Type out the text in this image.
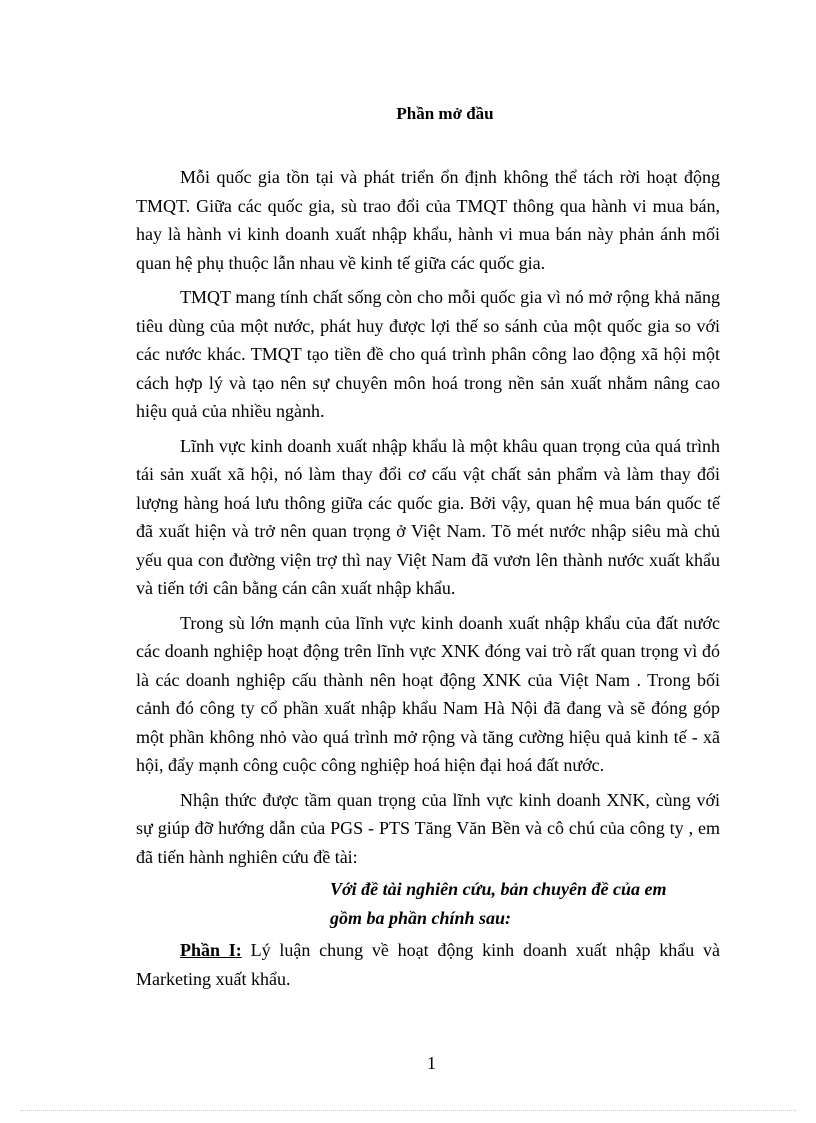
Phần mở đầu

Mỗi quốc gia tồn tại và phát triển ổn định không thể tách rời hoạt động TMQT. Giữa các quốc gia, sù trao đổi của TMQT thông qua hành vi mua bán, hay là hành vi kinh doanh xuất nhập khẩu, hành vi mua bán này phản ánh mối quan hệ phụ thuộc lẫn nhau về kinh tế giữa các quốc gia.

TMQT mang tính chất sống còn cho mỗi quốc gia vì nó mở rộng khả năng tiêu dùng của một nước, phát huy được lợi thế so sánh của một quốc gia so với các nước khác. TMQT tạo tiền đề cho quá trình phân công lao động xã hội một cách hợp lý và tạo nên sự chuyên môn hoá trong nền sản xuất nhằm nâng cao hiệu quả của nhiều ngành.

Lĩnh vực kinh doanh xuất nhập khẩu là một khâu quan trọng của quá trình tái sản xuất xã hội, nó làm thay đổi cơ cấu vật chất sản phẩm và làm thay đổi lượng hàng hoá lưu thông giữa các quốc gia. Bởi vậy, quan hệ mua bán quốc tế đã xuất hiện và trở nên quan trọng ở Việt Nam. Tõ mét nước nhập siêu mà chủ yếu qua con đường viện trợ thì nay Việt Nam đã vươn lên thành nước xuất khẩu và tiến tới cân bằng cán cân xuất nhập khẩu.

Trong sù lớn mạnh của lĩnh vực kinh doanh xuất nhập khẩu của đất nước các doanh nghiệp hoạt động trên lĩnh vực XNK đóng vai trò rất quan trọng vì đó là các doanh nghiệp cấu thành nên hoạt động XNK của Việt Nam . Trong bối cảnh đó công ty cổ phần xuất nhập khẩu Nam Hà Nội đã đang và sẽ đóng góp một phần không nhỏ vào quá trình mở rộng và tăng cường hiệu quả kinh tế - xã hội, đẩy mạnh công cuộc công nghiệp hoá hiện đại hoá đất nước.

Nhận thức được tầm quan trọng của lĩnh vực kinh doanh XNK, cùng với sự giúp đỡ hướng dẫn của PGS - PTS Tăng Văn Bền và cô chú của công ty , em đã tiến hành nghiên cứu đề tài:

Với đề tài nghiên cứu, bản chuyên đề của em
gồm ba phần chính sau:

Phần I: Lý luận chung về hoạt động kinh doanh xuất nhập khẩu và Marketing xuất khẩu.

1
